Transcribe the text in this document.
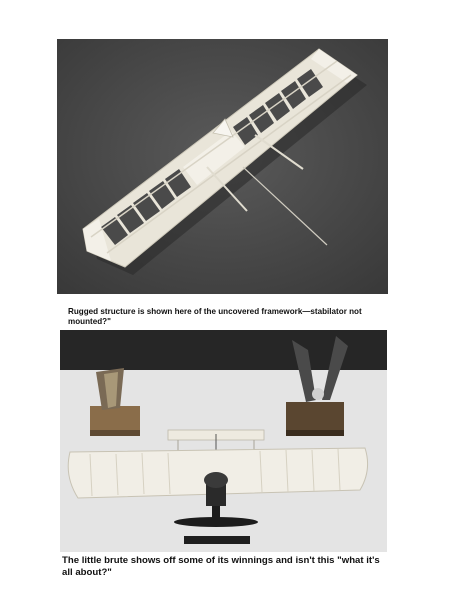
Rugged structure is shown here of the uncovered framework—stabilator not mounted?"
The little brute shows off some of its winnings and isn't this "what it's all about?"
